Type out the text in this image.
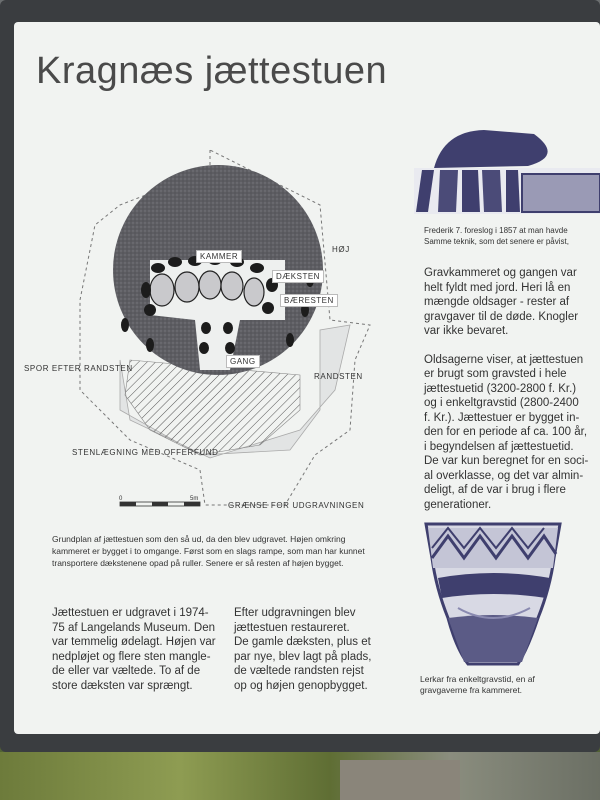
Kragnæs jættestuen
0	5m
KAMMER
DÆKSTEN
BÆRESTEN
GANG
HØJ
SPOR EFTER RANDSTEN
RANDSTEN
STENLÆGNING MED OFFERFUND
GRÆNSE FOR UDGRAVNINGEN
Grundplan af jættestuen som den så ud, da den blev udgravet. Højen omkring kammeret er bygget i to omgange. Først som en slags rampe, som man har kunnet transportere dækstenene opad på ruller. Senere er så resten af højen bygget.
Frederik 7. foreslog i 1857 at man havde
Samme teknik, som det senere er påvist,
Gravkammeret og gangen var
helt fyldt med jord. Heri lå en
mængde oldsager - rester af
gravgaver til de døde. Knogler
var ikke bevaret.
Oldsagerne viser, at jættestuen
er brugt som gravsted i hele
jættestuetid (3200-2800 f. Kr.)
og i enkeltgravstid (2800-2400
f. Kr.). Jættestuer er bygget in-
den for en periode af ca. 100 år,
i begyndelsen af jættestuetid.
De var kun beregnet for en soci-
al overklasse, og det var almin-
deligt, af de var i brug i flere
generationer.
Lerkar fra enkeltgravstid, en af
gravgaverne fra kammeret.
Jættestuen er udgravet i 1974-
75 af Langelands Museum. Den
var temmelig ødelagt. Højen var
nedpløjet og flere sten mangle-
de eller var væltede. To af de
store dæksten var sprængt.
Efter udgravningen blev
jættestuen restaureret.
De gamle dæksten, plus et
par nye, blev lagt på plads,
de væltede randsten rejst
op og højen genopbygget.
